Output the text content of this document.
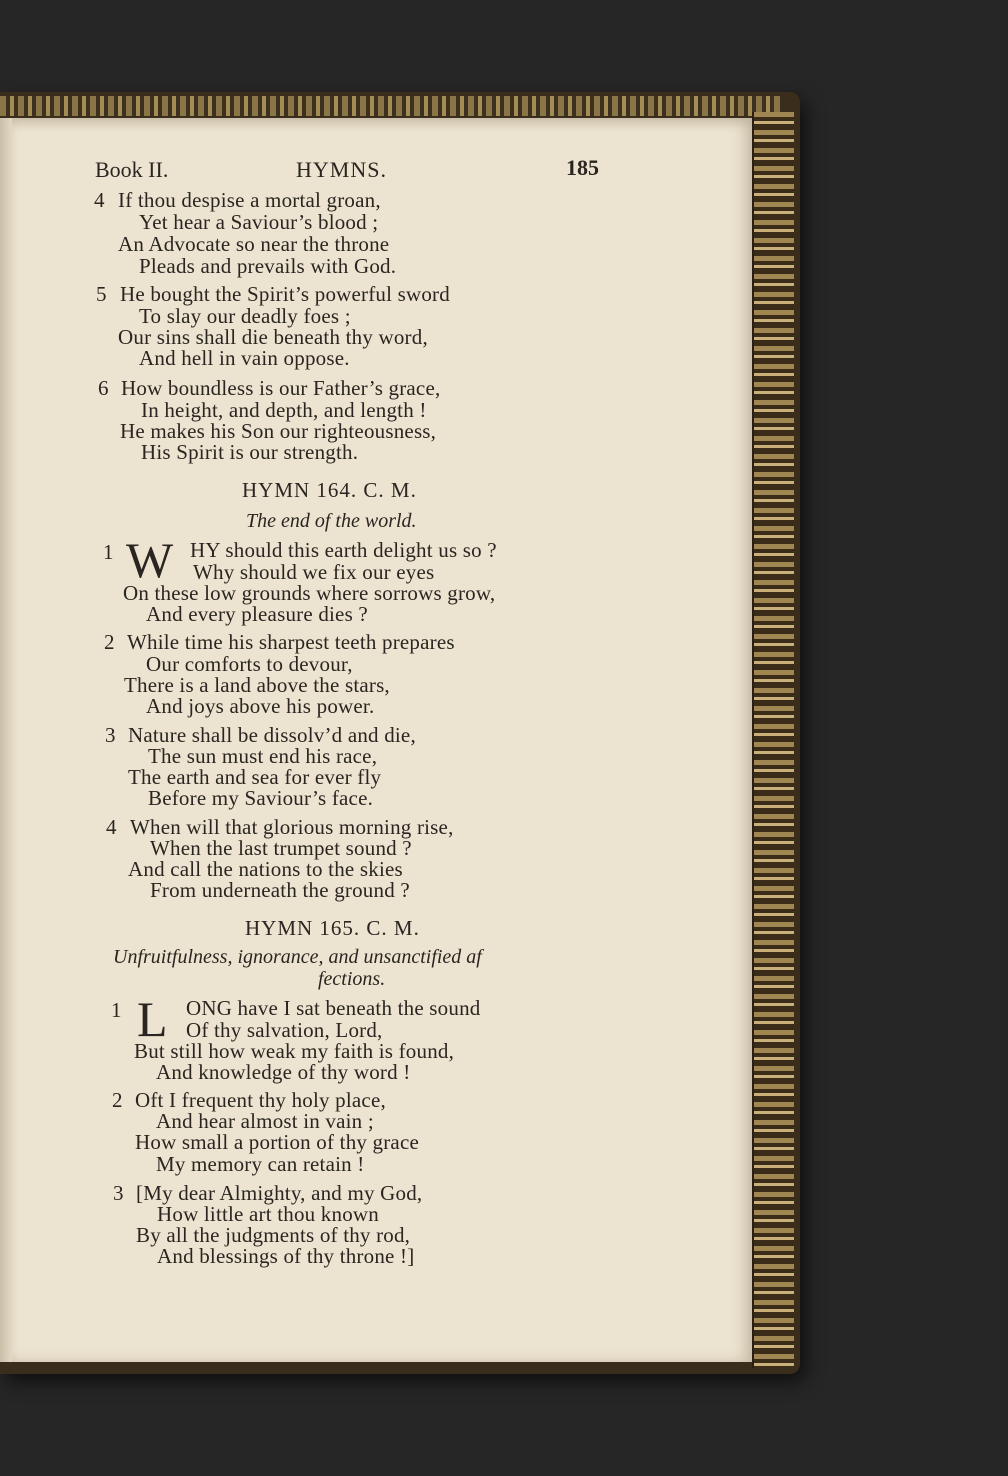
Book II.	HYMNS.	185
4 If thou despise a mortal groan,
Yet hear a Saviour’s blood ;
An Advocate so near the throne
Pleads and prevails with God.
5 He bought the Spirit’s powerful sword
To slay our deadly foes ;
Our sins shall die beneath thy word,
And hell in vain oppose.
6 How boundless is our Father’s grace,
In height, and depth, and length !
He makes his Son our righteousness,
His Spirit is our strength.
HYMN 164. C. M.
The end of the world.
1 W HY should this earth delight us so ?
Why should we fix our eyes
On these low grounds where sorrows grow,
And every pleasure dies ?
2 While time his sharpest teeth prepares
Our comforts to devour,
There is a land above the stars,
And joys above his power.
3 Nature shall be dissolv’d and die,
The sun must end his race,
The earth and sea for ever fly
Before my Saviour’s face.
4 When will that glorious morning rise,
When the last trumpet sound ?
And call the nations to the skies
From underneath the ground ?
HYMN 165. C. M.
Unfruitfulness, ignorance, and unsanctified af
fections.
1 L ONG have I sat beneath the sound
Of thy salvation, Lord,
But still how weak my faith is found,
And knowledge of thy word !
2 Oft I frequent thy holy place,
And hear almost in vain ;
How small a portion of thy grace
My memory can retain !
3 [My dear Almighty, and my God,
How little art thou known
By all the judgments of thy rod,
And blessings of thy throne !]
